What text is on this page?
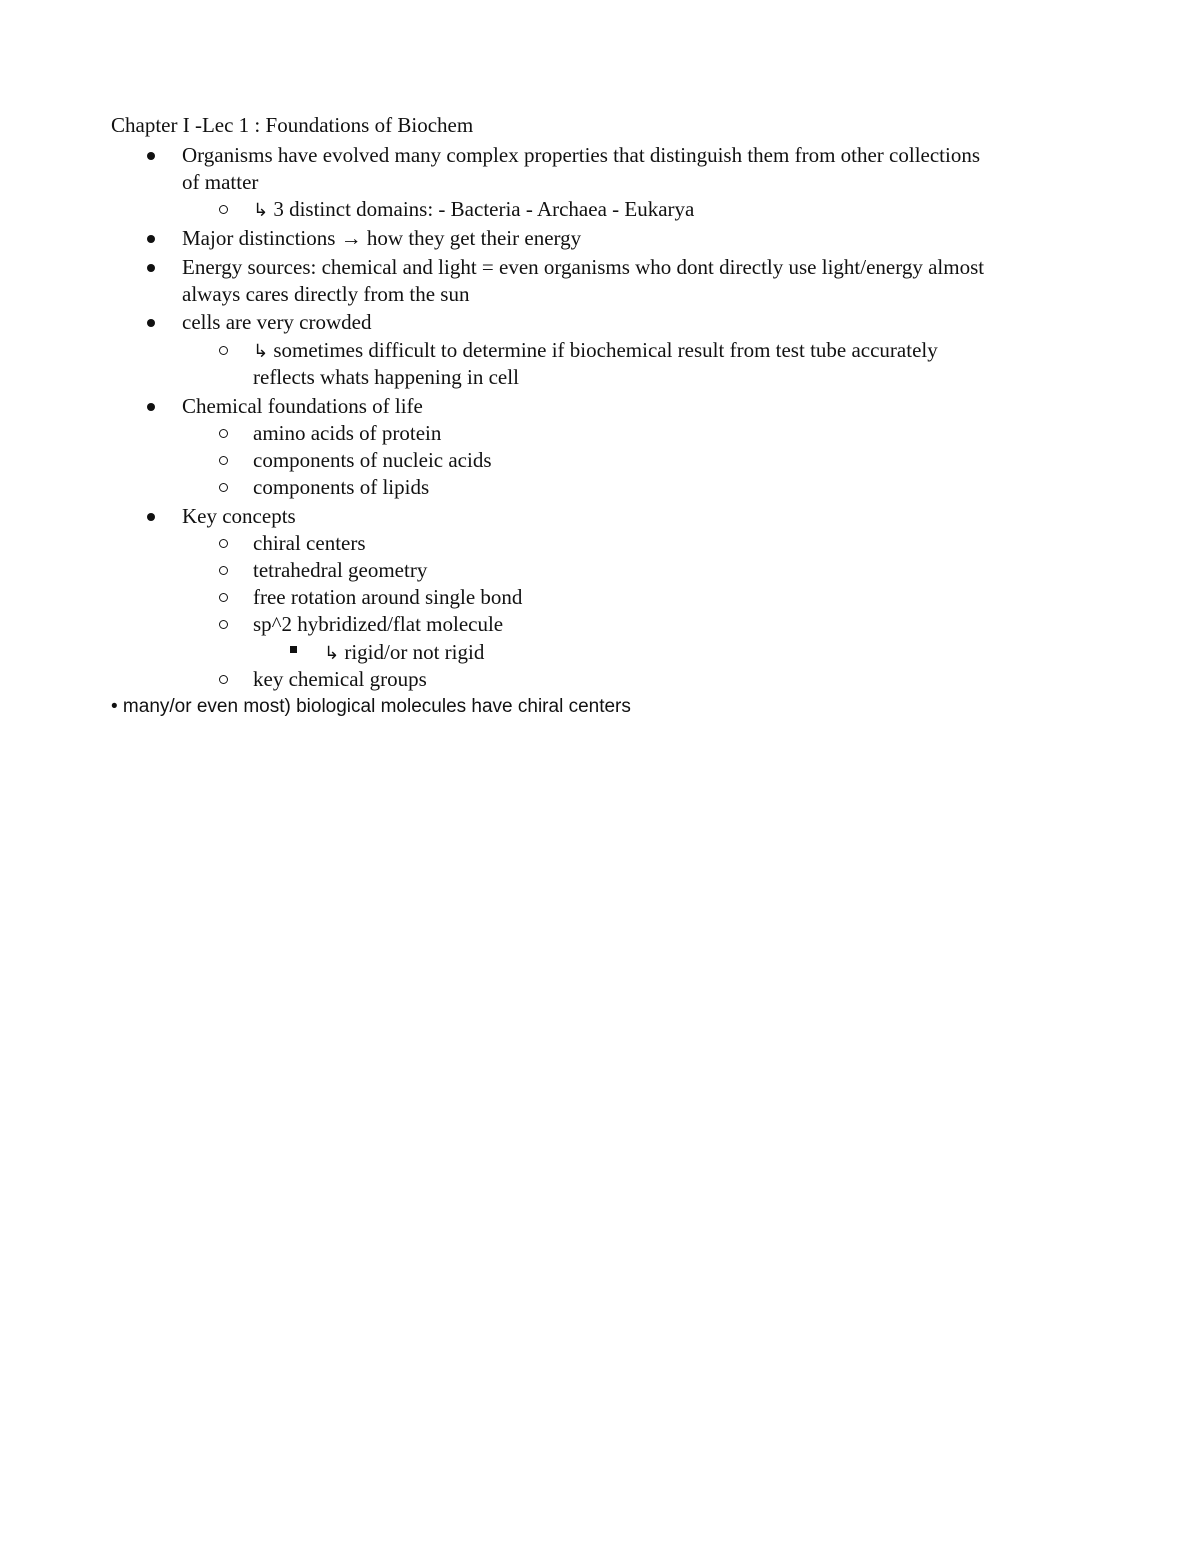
Chapter I -Lec 1 : Foundations of Biochem
Organisms have evolved many complex properties that distinguish them from other collections
of matter
↳ 3 distinct domains: - Bacteria - Archaea - Eukarya
Major distinctions → how they get their energy
Energy sources: chemical and light = even organisms who dont directly use light/energy almost
always cares directly from the sun
cells are very crowded
↳ sometimes difficult to determine if biochemical result from test tube accurately
reflects whats happening in cell
Chemical foundations of life
amino acids of protein
components of nucleic acids
components of lipids
Key concepts
chiral centers
tetrahedral geometry
free rotation around single bond
sp^2 hybridized/flat molecule
↳ rigid/or not rigid
key chemical groups
• many/or even most) biological molecules have chiral centers
